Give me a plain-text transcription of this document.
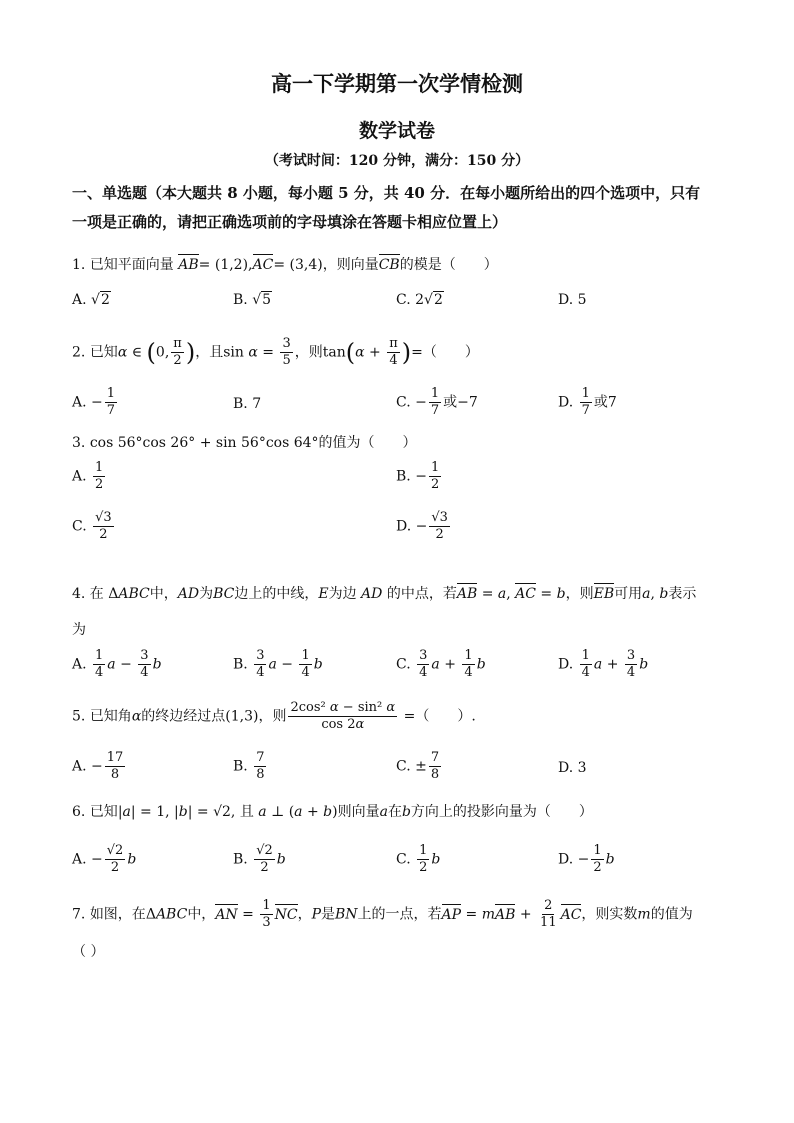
高一下学期第一次学情检测
数学试卷
（考试时间：120 分钟，满分：150 分）
一、单选题（本大题共 8 小题，每小题 5 分，共 40 分．在每小题所给出的四个选项中，只有
一项是正确的，请把正确选项前的字母填涂在答题卡相应位置上）
1. 已知平面向量 AB= (1,2),AC= (3,4)，则向量CB的模是（　　）
A. √2	B. √5	C. 2√2	D. 5
2. 已知α ∈ (0, $\frac{\pi}{2}$ )，且$\sin \alpha = \frac{3}{5}$ ，则$\tan(\alpha + \frac{\pi}{4}$ )=（　　）
A. − $\frac{1}{7}$	B. 7	C. − $\frac{1}{7}$ 或−7	D. $\frac{1}{7}$ 或7
3. cos 56°cos 26° + sin 56°cos 64°的值为（　　）
A. $\frac{1}{2}$	B. − $\frac{1}{2}$
C. $\frac{√3}{2}$	D. − $\frac{√3}{2}$
4. 在 ΔABC中，AD为BC边上的中线，E为边 AD 的中点，若AB = a, AC = b，则EB可用a, b表示
为
A. $\frac{1}{4}$ $a - \frac{3}{4}$ b	B. $\frac{3}{4}$ $a - \frac{1}{4}$ b	C. $\frac{3}{4}$ $a + \frac{1}{4}$ b	D. $\frac{1}{4}$ $a + \frac{3}{4}$ b
5. 已知角α的终边经过点(1,3)，则 $\frac{\text{2cos² α − sin² α}}{\cos 2\alpha}$ =（　　）.
A. − $\frac{17}{8}$	B. $\frac{7}{8}$	C. ± $\frac{7}{8}$	D. 3
6. 已知|a| = 1, |b| = √2, 且 a ⊥ (a + b)则向量a在b方向上的投影向量为（　　）
A. − $\frac{√2}{2}$ b	B. $\frac{√2}{2}$ b	C. $\frac{1}{2}$ b	D. − $\frac{1}{2}$ b
7. 如图，在ΔABC中，AN = $\frac{1}{3}$ NC，P是BN上的一点，若AP = mAB + $\frac{2}{11}$ AC，则实数m的值为
（ ）
